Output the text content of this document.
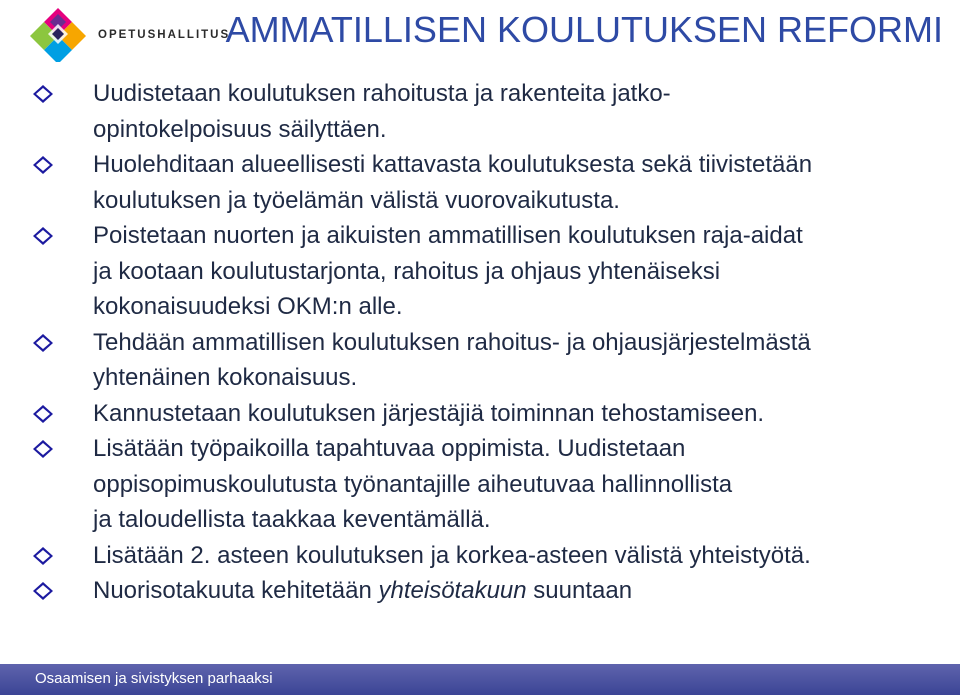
OPETUSHALLITUS
AMMATILLISEN KOULUTUKSEN REFORMI
Uudistetaan koulutuksen rahoitusta ja rakenteita jatko-
opintokelpoisuus säilyttäen.
Huolehditaan alueellisesti kattavasta koulutuksesta sekä tiivistetään
koulutuksen ja työelämän välistä vuorovaikutusta.
Poistetaan nuorten ja aikuisten ammatillisen koulutuksen raja-aidat
ja kootaan koulutustarjonta, rahoitus ja ohjaus yhtenäiseksi
kokonaisuudeksi OKM:n alle.
Tehdään ammatillisen koulutuksen rahoitus- ja ohjausjärjestelmästä
yhtenäinen kokonaisuus.
Kannustetaan koulutuksen järjestäjiä toiminnan tehostamiseen.
Lisätään työpaikoilla tapahtuvaa oppimista. Uudistetaan
oppisopimuskoulutusta työnantajille aiheutuvaa hallinnollista
ja taloudellista taakkaa keventämällä.
Lisätään 2. asteen koulutuksen ja korkea-asteen välistä yhteistyötä.
Nuorisotakuuta kehitetään yhteisötakuun suuntaan
Osaamisen ja sivistyksen parhaaksi
